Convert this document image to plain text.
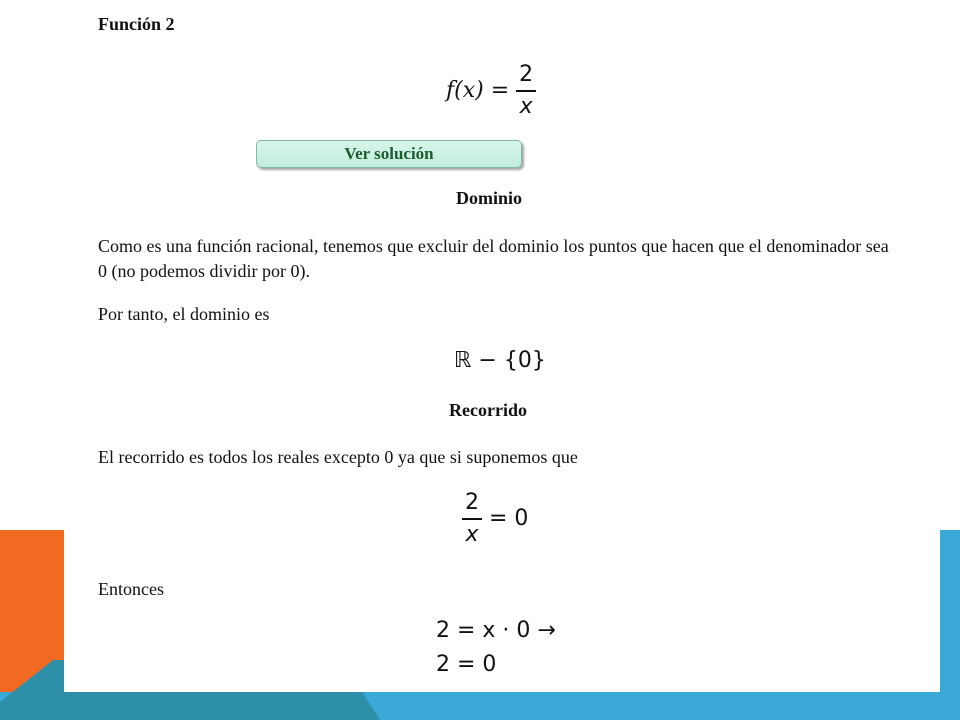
Función 2
$f(x) = \frac{2}{x}$
Ver solución
Dominio
Como es una función racional, tenemos que excluir del dominio los puntos que hacen que el denominador sea 0 (no podemos dividir por 0).
Por tanto, el dominio es
ℝ − {0}
Recorrido
El recorrido es todos los reales excepto 0 ya que si suponemos que
$\frac{2}{x} = 0$
Entonces
2 = x · 0 →
2 = 0
